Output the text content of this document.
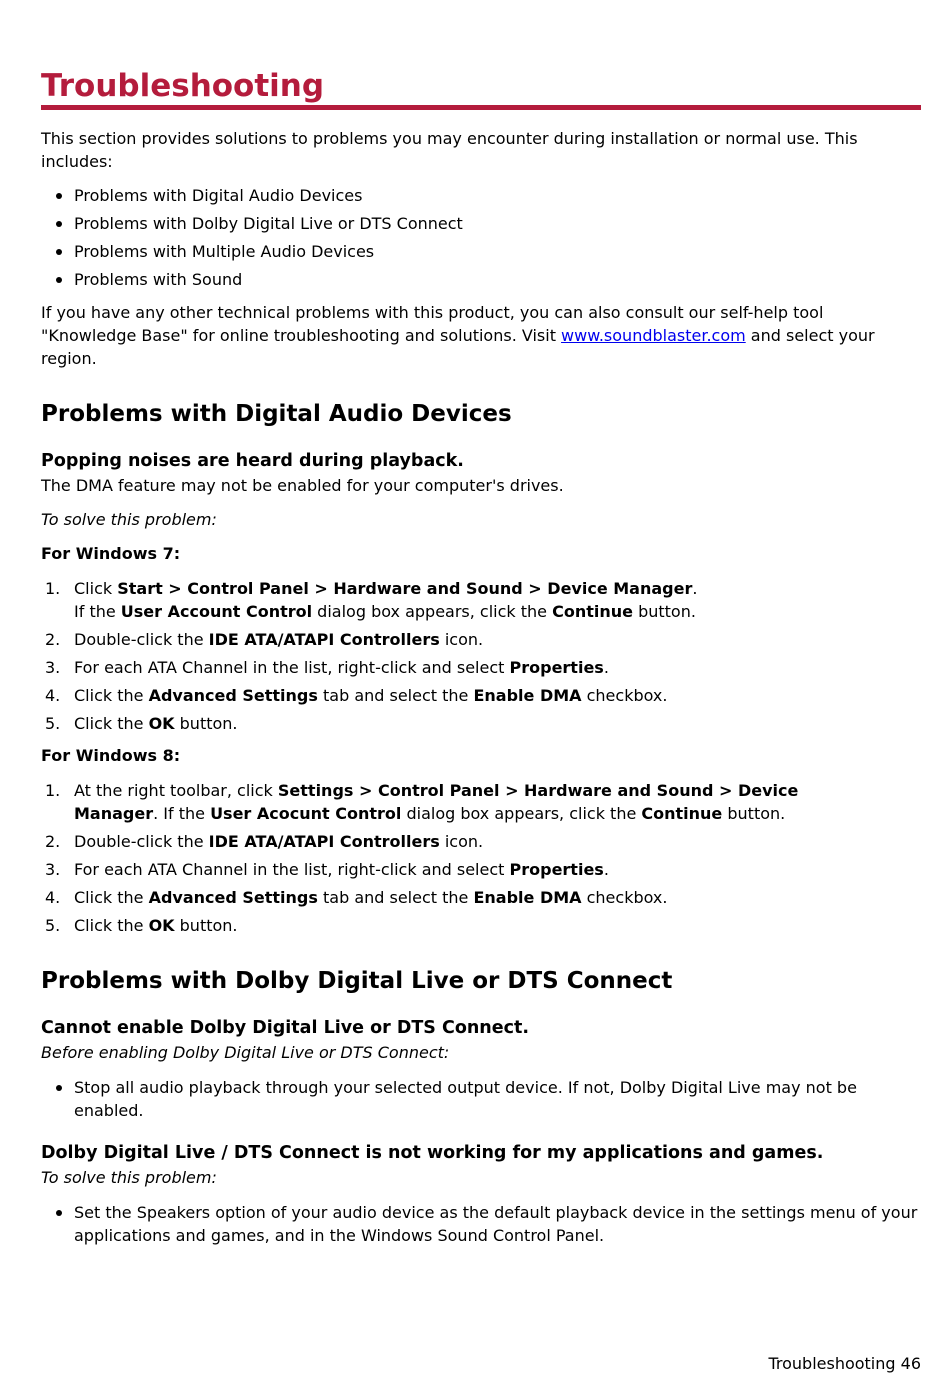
Troubleshooting

This section provides solutions to problems you may encounter during installation or normal use. This includes:

Problems with Digital Audio Devices
Problems with Dolby Digital Live or DTS Connect
Problems with Multiple Audio Devices
Problems with Sound

If you have any other technical problems with this product, you can also consult our self-help tool "Knowledge Base" for online troubleshooting and solutions. Visit www.soundblaster.com and select your region.

Problems with Digital Audio Devices
Popping noises are heard during playback.

The DMA feature may not be enabled for your computer's drives.

To solve this problem:

For Windows 7:
1. Click Start > Control Panel > Hardware and Sound > Device Manager.
If the User Account Control dialog box appears, click the Continue button.
2. Double-click the IDE ATA/ATAPI Controllers icon.
3. For each ATA Channel in the list, right-click and select Properties.
4. Click the Advanced Settings tab and select the Enable DMA checkbox.
5. Click the OK button.
For Windows 8:
1. At the right toolbar, click Settings > Control Panel > Hardware and Sound > Device
Manager. If the User Acocunt Control dialog box appears, click the Continue button.
2. Double-click the IDE ATA/ATAPI Controllers icon.
3. For each ATA Channel in the list, right-click and select Properties.
4. Click the Advanced Settings tab and select the Enable DMA checkbox.
5. Click the OK button.
Problems with Dolby Digital Live or DTS Connect
Cannot enable Dolby Digital Live or DTS Connect.

Before enabling Dolby Digital Live or DTS Connect:

Stop all audio playback through your selected output device. If not, Dolby Digital Live may not be enabled.
Dolby Digital Live / DTS Connect is not working for my applications and games.

To solve this problem:

Set the Speakers option of your audio device as the default playback device in the settings menu of your applications and games, and in the Windows Sound Control Panel.
Troubleshooting 46
